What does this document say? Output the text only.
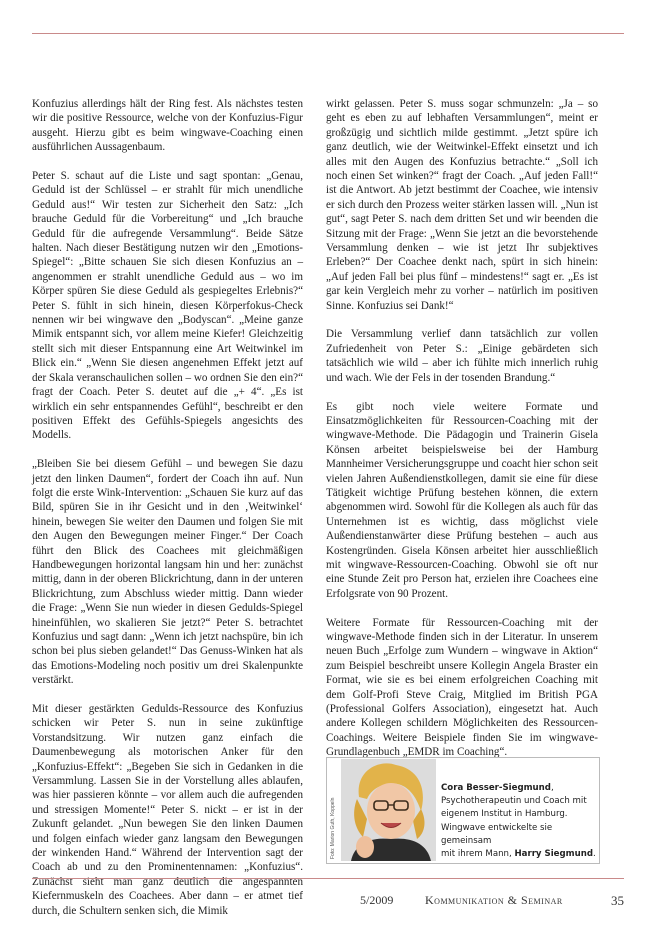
Konfuzius allerdings hält der Ring fest. Als nächstes testen wir die positive Ressource, welche von der Konfuzius-Figur ausgeht. Hierzu gibt es beim wingwave-Coaching einen ausführlichen Aussagenbaum.

Peter S. schaut auf die Liste und sagt spontan: „Genau, Geduld ist der Schlüssel – er strahlt für mich unendliche Geduld aus!“ Wir testen zur Sicherheit den Satz: „Ich brauche Geduld für die Vorbereitung“ und „Ich brauche Geduld für die aufregende Versammlung“. Beide Sätze halten. Nach dieser Bestätigung nutzen wir den „Emotions-Spiegel“: „Bitte schauen Sie sich diesen Konfuzius an – angenommen er strahlt unendliche Geduld aus – wo im Körper spüren Sie diese Geduld als gespiegeltes Erlebnis?“ Peter S. fühlt in sich hinein, diesen Körperfokus-Check nennen wir bei wingwave den „Bodyscan“. „Meine ganze Mimik entspannt sich, vor allem meine Kiefer! Gleichzeitig stellt sich mit dieser Entspannung eine Art Weitwinkel im Blick ein.“ „Wenn Sie diesen angenehmen Effekt jetzt auf der Skala veranschaulichen sollen – wo ordnen Sie den ein?“ fragt der Coach. Peter S. deutet auf die „+ 4“. „Es ist wirklich ein sehr entspannendes Gefühl“, beschreibt er den positiven Effekt des Gefühls-Spiegels angesichts des Modells.

„Bleiben Sie bei diesem Gefühl – und bewegen Sie dazu jetzt den linken Daumen“, fordert der Coach ihn auf. Nun folgt die erste Wink-Intervention: „Schauen Sie kurz auf das Bild, spüren Sie in ihr Gesicht und in den ‚Weitwinkel‘ hinein, bewegen Sie weiter den Daumen und folgen Sie mit den Augen den Bewegungen meiner Finger.“ Der Coach führt den Blick des Coachees mit gleichmäßigen Handbewegungen horizontal langsam hin und her: zunächst mittig, dann in der oberen Blickrichtung, dann in der unteren Blickrichtung, zum Abschluss wieder mittig. Dann wieder die Frage: „Wenn Sie nun wieder in diesen Gedulds-Spiegel hineinfühlen, wo skalieren Sie jetzt?“ Peter S. betrachtet Konfuzius und sagt dann: „Wenn ich jetzt nachspüre, bin ich schon bei plus sieben gelandet!“ Das Genuss-Winken hat als das Emotions-Modeling noch positiv um drei Skalenpunkte verstärkt.

Mit dieser gestärkten Gedulds-Ressource des Konfuzius schicken wir Peter S. nun in seine zukünftige Vorstandsitzung. Wir nutzen ganz einfach die Daumenbewegung als motorischen Anker für den „Konfuzius-Effekt“: „Begeben Sie sich in Gedanken in die Versammlung. Lassen Sie in der Vorstellung alles ablaufen, was hier passieren könnte – vor allem auch die aufregenden und stressigen Momente!“ Peter S. nickt – er ist in der Zukunft gelandet. „Nun bewegen Sie den linken Daumen und folgen einfach wieder ganz langsam den Bewegungen der winkenden Hand.“ Während der Intervention sagt der Coach ab und zu den Prominentennamen: „Konfuzius“. Zunächst sieht man ganz deutlich die angespannten Kiefernmuskeln des Coachees. Aber dann – er atmet tief durch, die Schultern senken sich, die Mimik

wirkt gelassen. Peter S. muss sogar schmunzeln: „Ja – so geht es eben zu auf lebhaften Versammlungen“, meint er großzügig und sichtlich milde gestimmt. „Jetzt spüre ich ganz deutlich, wie der Weitwinkel-Effekt einsetzt und ich alles mit den Augen des Konfuzius betrachte.“ „Soll ich noch einen Set winken?“ fragt der Coach. „Auf jeden Fall!“ ist die Antwort. Ab jetzt bestimmt der Coachee, wie intensiv er sich durch den Prozess weiter stärken lassen will. „Nun ist gut“, sagt Peter S. nach dem dritten Set und wir beenden die Sitzung mit der Frage: „Wenn Sie jetzt an die bevorstehende Versammlung denken – wie ist jetzt Ihr subjektives Erleben?“ Der Coachee denkt nach, spürt in sich hinein: „Auf jeden Fall bei plus fünf – mindestens!“ sagt er. „Es ist gar kein Vergleich mehr zu vorher – natürlich im positiven Sinne. Konfuzius sei Dank!“

Die Versammlung verlief dann tatsächlich zur vollen Zufriedenheit von Peter S.: „Einige gebärdeten sich tatsächlich wie wild – aber ich fühlte mich innerlich ruhig und wach. Wie der Fels in der tosenden Brandung.“

Es gibt noch viele weitere Formate und Einsatzmöglichkeiten für Ressourcen-Coaching mit der wingwave-Methode. Die Pädagogin und Trainerin Gisela Könsen arbeitet beispielsweise bei der Hamburg Mannheimer Versicherungsgruppe und coacht hier schon seit vielen Jahren Außendienstkollegen, damit sie eine für diese Tätigkeit wichtige Prüfung bestehen können, die extern abgenommen wird. Sowohl für die Kollegen als auch für das Unternehmen ist es wichtig, dass möglichst viele Außendienstanwärter diese Prüfung bestehen – auch aus Kostengründen. Gisela Könsen arbeitet hier ausschließlich mit wingwave-Ressourcen-Coaching. Obwohl sie oft nur eine Stunde Zeit pro Person hat, erzielen ihre Coachees eine Erfolgsrate von 90 Prozent.

Weitere Formate für Ressourcen-Coaching mit der wingwave-Methode finden sich in der Literatur. In unserem neuen Buch „Erfolge zum Wundern – wingwave in Aktion“ zum Beispiel beschreibt unsere Kollegin Angela Braster ein Format, wie sie es bei einem erfolgreichen Coaching mit dem Golf-Profi Steve Craig, Mitglied im British PGA (Professional Golfers Association), eingesetzt hat. Auch andere Kollegen schildern Möglichkeiten des Ressourcen-Coachings. Weitere Beispiele finden Sie im wingwave-Grundlagenbuch „EMDR im Coaching“.

Foto: Marion Guth, Koppeln
Cora Besser-Siegmund,
Psychotherapeutin und Coach mit
eigenem Institut in Hamburg.
Wingwave entwickelte sie gemeinsam
mit ihrem Mann, Harry Siegmund.
5/2009	Kommunikation & Seminar	35
